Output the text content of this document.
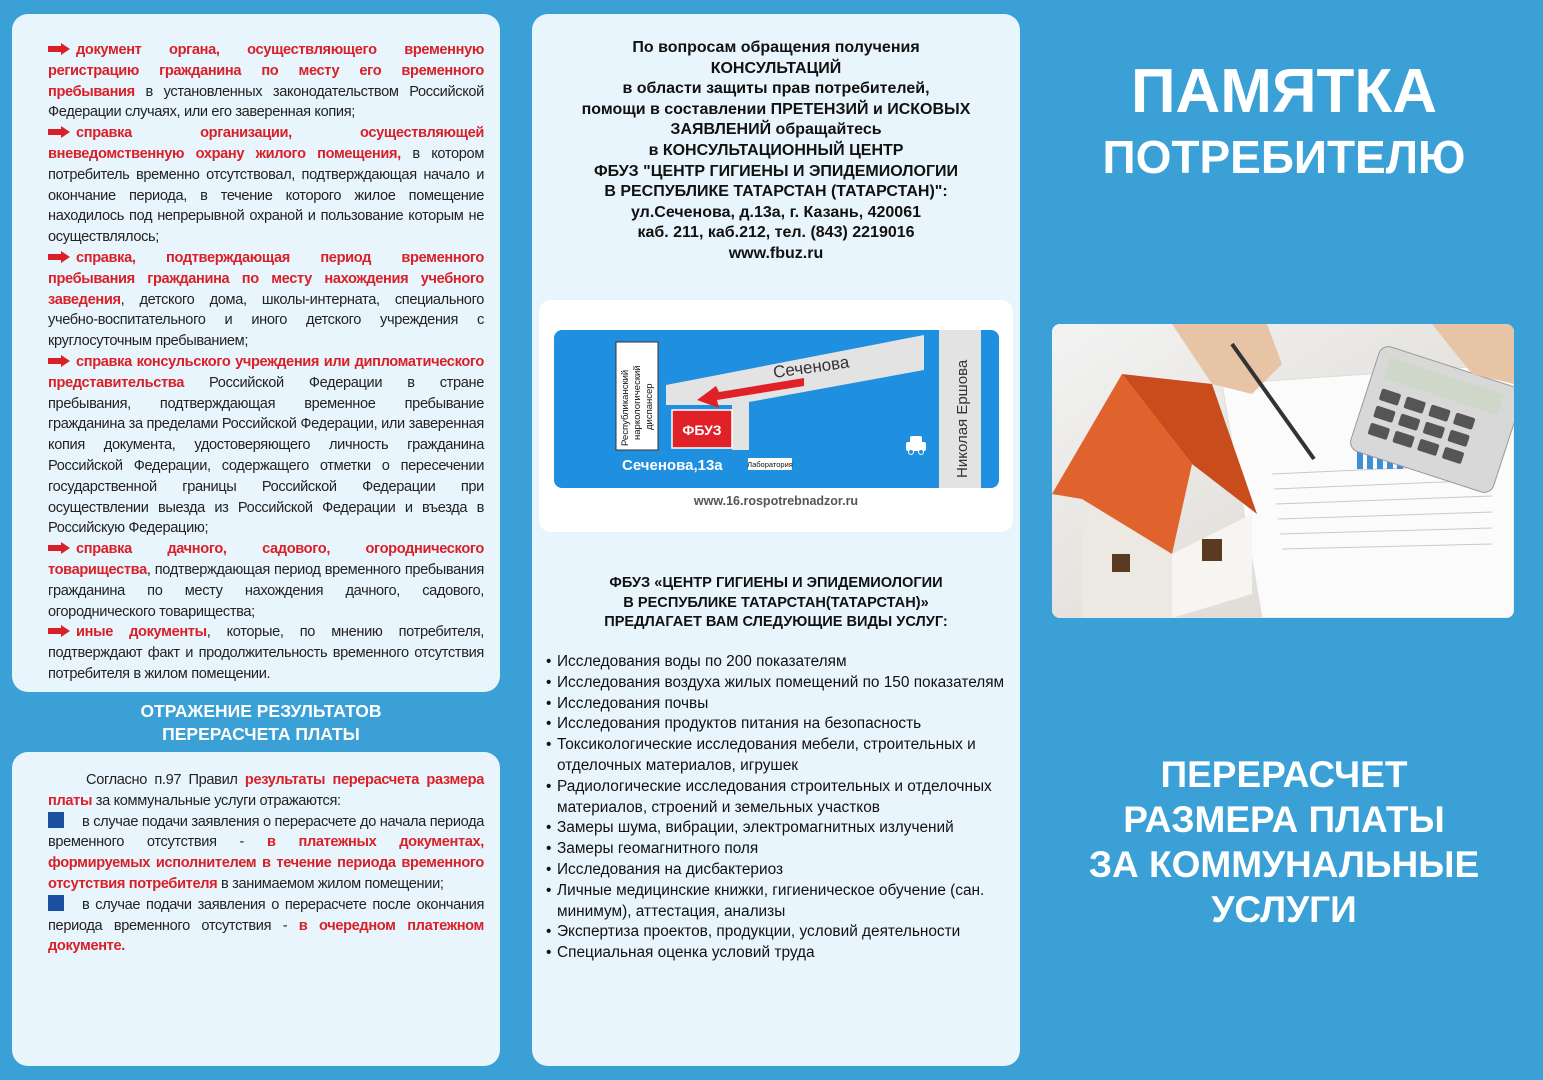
документ органа, осуществляющего временную регистрацию гражданина по месту его временного пребывания в установленных законодательством Российской Федерации случаях, или его заверенная копия;

справка организации, осуществляющей вневедомственную охрану жилого помещения, в котором потребитель временно отсутствовал, подтверждающая начало и окончание периода, в течение которого жилое помещение находилось под непрерывной охраной и пользование которым не осуществлялось;

справка, подтверждающая период временного пребывания гражданина по месту нахождения учебного заведения, детского дома, школы-интерната, специального учебно-воспитательного и иного детского учреждения с круглосуточным пребыванием;

справка консульского учреждения или дипломатического представительства Российской Федерации в стране пребывания, подтверждающая временное пребывание гражданина за пределами Российской Федерации, или заверенная копия документа, удостоверяющего личность гражданина Российской Федерации, содержащего отметки о пересечении государственной границы Российской Федерации при осуществлении выезда из Российской Федерации и въезда в Российскую Федерацию;

справка дачного, садового, огороднического товарищества, подтверждающая период временного пребывания гражданина по месту нахождения дачного, садового, огороднического товарищества;

иные документы, которые, по мнению потребителя, подтверждают факт и продолжительность временного отсутствия потребителя в жилом помещении.

ОТРАЖЕНИЕ РЕЗУЛЬТАТОВ
ПЕРЕРАСЧЕТА ПЛАТЫ

Согласно п.97 Правил результаты перерасчета размера платы за коммунальные услуги отражаются:

в случае подачи заявления о перерасчете до начала периода временного отсутствия - в платежных документах, формируемых исполнителем в течение периода временного отсутствия потребителя в занимаемом жилом помещении;

в случае подачи заявления о перерасчете после окончания периода временного отсутствия - в очередном платежном документе.

По вопросам обращения получения
КОНСУЛЬТАЦИЙ
в области защиты прав потребителей,
помощи в составлении ПРЕТЕНЗИЙ и ИСКОВЫХ
ЗАЯВЛЕНИЙ обращайтесь
в КОНСУЛЬТАЦИОННЫЙ ЦЕНТР
ФБУЗ "ЦЕНТР ГИГИЕНЫ И ЭПИДЕМИОЛОГИИ
В РЕСПУБЛИКЕ ТАТАРСТАН (ТАТАРСТАН)":
ул.Сеченова, д.13а, г. Казань, 420061
каб. 211, каб.212, тел. (843) 2219016
www.fbuz.ru
Республиканский наркологический диспансер ФБУЗ
Сеченова	Николая Ершова
Сеченова,13а	Лаборатория
www.16.rospotrebnadzor.ru
ФБУЗ «ЦЕНТР ГИГИЕНЫ И ЭПИДЕМИОЛОГИИ
В РЕСПУБЛИКЕ ТАТАРСТАН(ТАТАРСТАН)»
ПРЕДЛАГАЕТ ВАМ СЛЕДУЮЩИЕ ВИДЫ УСЛУГ:
• Исследования воды по 200 показателям
• Исследования воздуха жилых помещений по 150 показателям
• Исследования почвы
• Исследования продуктов питания на безопасность
• Токсикологические исследования мебели, строительных и отделочных материалов, игрушек
• Радиологические исследования строительных и отделочных материалов, строений и земельных участков
• Замеры шума, вибрации, электромагнитных излучений
• Замеры геомагнитного поля
• Исследования на дисбактериоз
• Личные медицинские книжки, гигиеническое обучение (сан. минимум), аттестация, анализы
• Экспертиза проектов, продукции, условий деятельности
• Специальная оценка условий труда
ПАМЯТКА
ПОТРЕБИТЕЛЮ
ПЕРЕРАСЧЕТ
РАЗМЕРА ПЛАТЫ
ЗА КОММУНАЛЬНЫЕ
УСЛУГИ
